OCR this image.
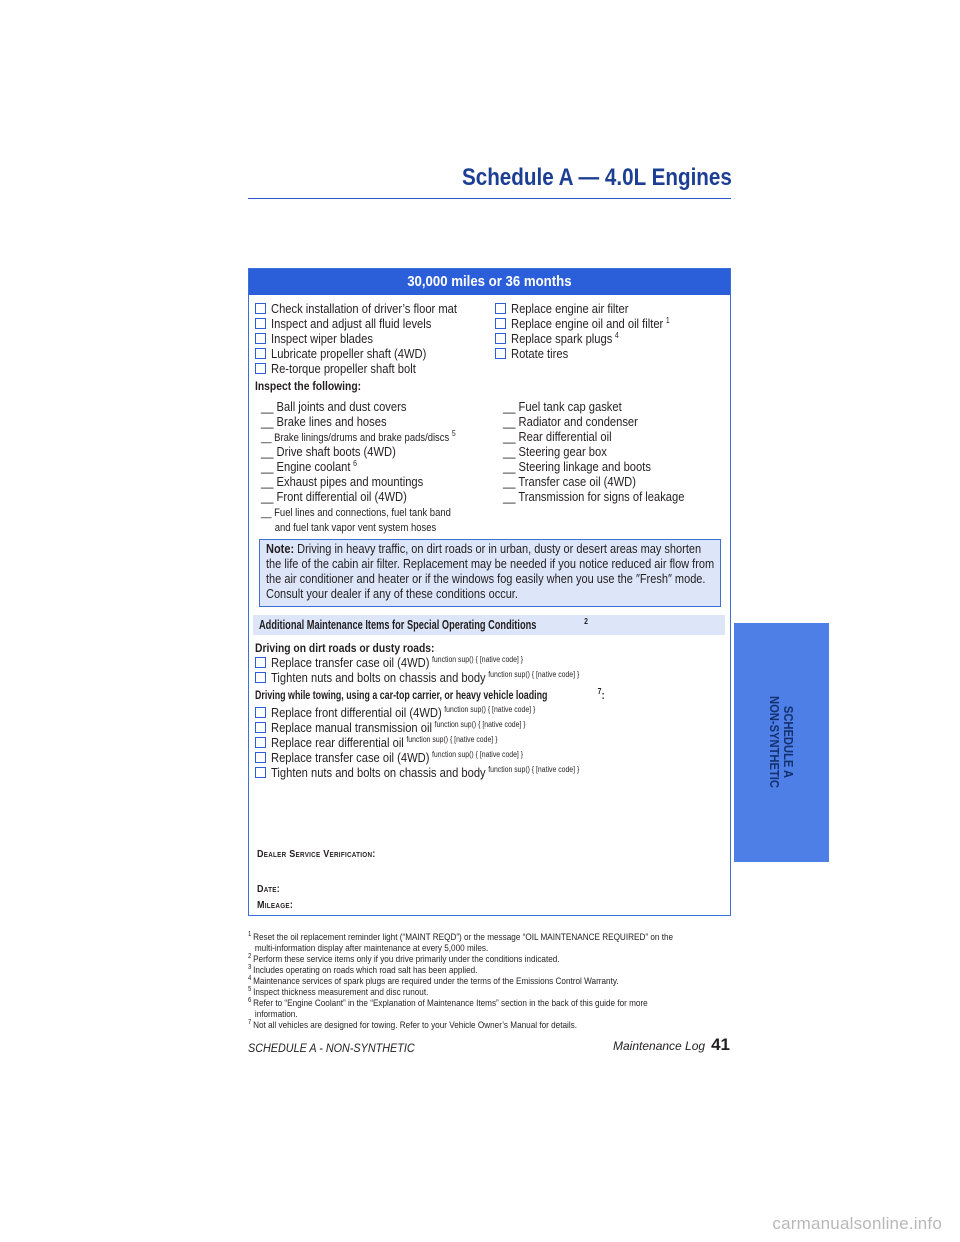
Schedule A — 4.0L Engines
30,000 miles or 36 months
Check installation of driver’s floor mat
Inspect and adjust all fluid levels
Inspect wiper blades
Lubricate propeller shaft (4WD)
Re-torque propeller shaft bolt
Replace engine air filter
Replace engine oil and oil filter $^1$
Replace spark plugs $^4$
Rotate tires
Inspect the following:
__ Ball joints and dust covers
__ Brake lines and hoses
__ Brake linings/drums and brake pads/discs $^5$
__ Drive shaft boots (4WD)
__ Engine coolant $^6$
__ Exhaust pipes and mountings
__ Front differential oil (4WD)
__ Fuel lines and connections, fuel tank band
and fuel tank vapor vent system hoses
__ Fuel tank cap gasket
__ Radiator and condenser
__ Rear differential oil
__ Steering gear box
__ Steering linkage and boots
__ Transfer case oil (4WD)
__ Transmission for signs of leakage
Note: Driving in heavy traffic, on dirt roads or in urban, dusty or desert areas may shorten the life of the cabin air filter. Replacement may be needed if you notice reduced air flow from the air conditioner and heater or if the windows fog easily when you use the ″Fresh″ mode. Consult your dealer if any of these conditions occur.
Additional Maintenance Items for Special Operating Conditions	$^2$
Driving on dirt roads or dusty roads:
Replace transfer case oil (4WD) $^{function sup() \{ [native code] \}}$
Tighten nuts and bolts on chassis and body $^{function sup() \{ [native code] \}}$
Driving while towing, using a car-top carrier, or heavy vehicle loading	$^7$:
Replace front differential oil (4WD) $^{function sup() \{ [native code] \}}$
Replace manual transmission oil $^{function sup() \{ [native code] \}}$
Replace rear differential oil $^{function sup() \{ [native code] \}}$
Replace transfer case oil (4WD) $^{function sup() \{ [native code] \}}$
Tighten nuts and bolts on chassis and body $^{function sup() \{ [native code] \}}$
Dealer Service Verification:
Date:
Mileage:
$^1$ Reset the oil replacement reminder light (“MAINT REQD”) or the message “OIL MAINTENANCE REQUIRED” on the
multi-information display after maintenance at every 5,000 miles.
$^2$ Perform these service items only if you drive primarily under the conditions indicated.
$^3$ Includes operating on roads which road salt has been applied.
$^4$ Maintenance services of spark plugs are required under the terms of the Emissions Control Warranty.
$^5$ Inspect thickness measurement and disc runout.
$^6$ Refer to “Engine Coolant” in the “Explanation of Maintenance Items” section in the back of this guide for more
information.
$^7$ Not all vehicles are designed for towing. Refer to your Vehicle Owner’s Manual for details.
SCHEDULE A
NON-SYNTHETIC
SCHEDULE A - NON-SYNTHETIC	Maintenance Log 41
carmanualsonline.info
